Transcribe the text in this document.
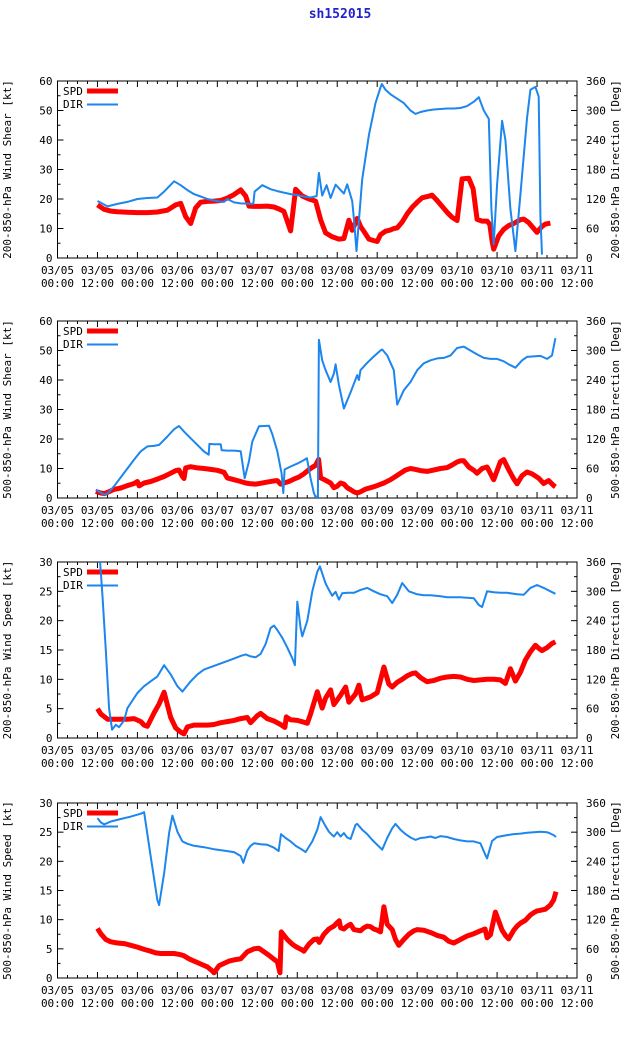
sh152015
03/05
00:00
03/05
12:00
03/06
00:00
03/06
12:00
03/07
00:00
03/07
12:00
03/08
00:00
03/08
12:00
03/09
00:00
03/09
12:00
03/10
00:00
03/10
12:00
03/11
00:00
03/11
12:00
0
10
20
30
40
50
60
0
60
120
180
240
300
360
200-850-hPa Wind Shear [kt]	200-850-hPa Direction [Deg]
SPD
DIR
03/05
00:00
03/05
12:00
03/06
00:00
03/06
12:00
03/07
00:00
03/07
12:00
03/08
00:00
03/08
12:00
03/09
00:00
03/09
12:00
03/10
00:00
03/10
12:00
03/11
00:00
03/11
12:00
0
10
20
30
40
50
60
0
60
120
180
240
300
360
500-850-hPa Wind Shear [kt]	500-850-hPa Direction [Deg]
SPD
DIR
03/05
00:00
03/05
12:00
03/06
00:00
03/06
12:00
03/07
00:00
03/07
12:00
03/08
00:00
03/08
12:00
03/09
00:00
03/09
12:00
03/10
00:00
03/10
12:00
03/11
00:00
03/11
12:00
0
5
10
15
20
25
30
0
60
120
180
240
300
360
200-850-hPa Wind Speed [kt]	200-850-hPa Direction [Deg]
SPD
DIR
03/05
00:00
03/05
12:00
03/06
00:00
03/06
12:00
03/07
00:00
03/07
12:00
03/08
00:00
03/08
12:00
03/09
00:00
03/09
12:00
03/10
00:00
03/10
12:00
03/11
00:00
03/11
12:00
0
5
10
15
20
25
30
0
60
120
180
240
300
360
500-850-hPa Wind Speed [kt]	500-850-hPa Direction [Deg]
SPD
DIR
